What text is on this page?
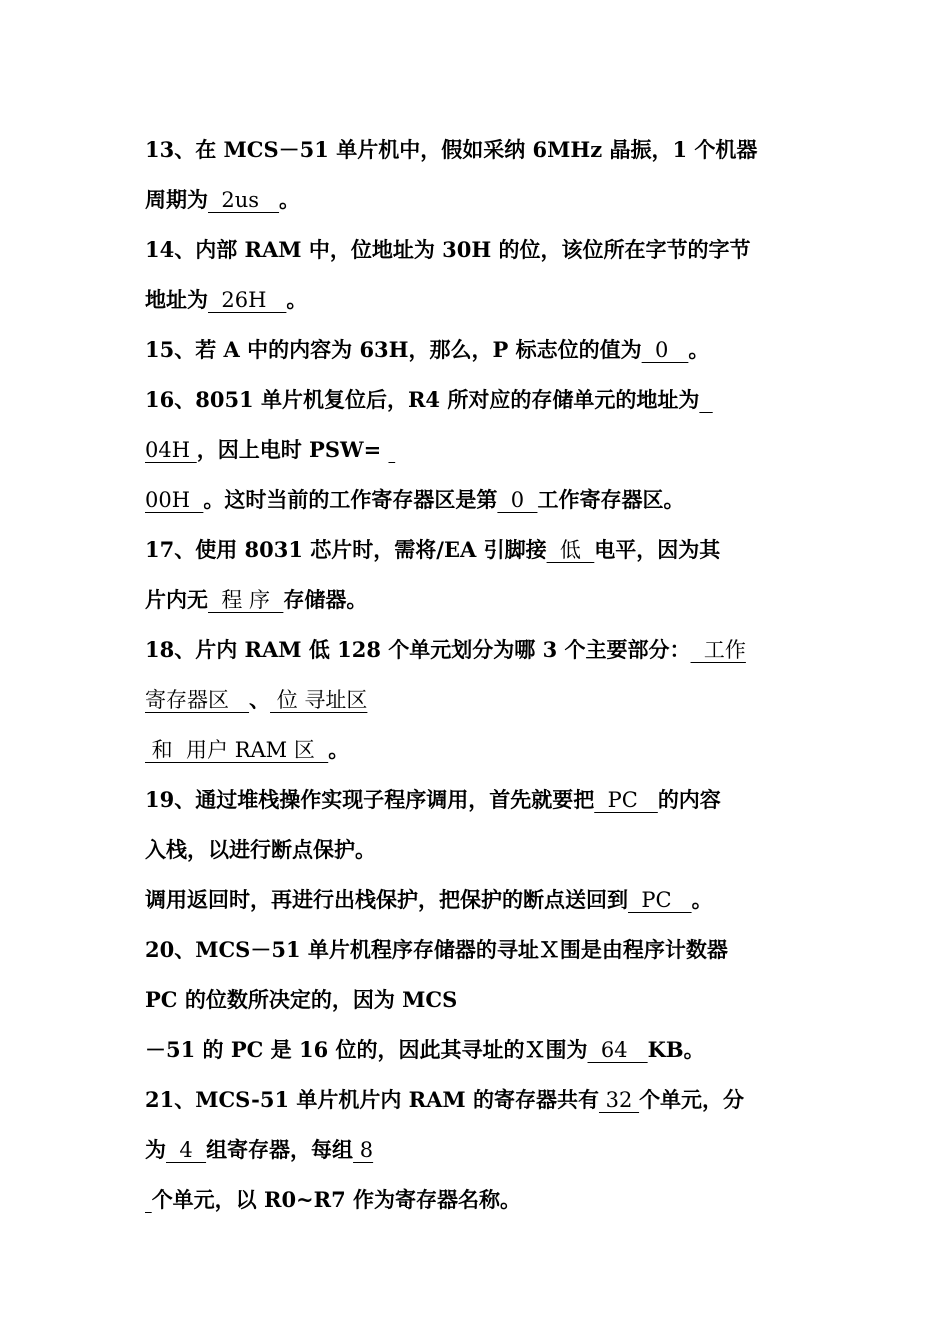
13、在 MCS－51 单片机中，假如采纳 6MHz 晶振，1 个机器
周期为  2us   。
14、内部 RAM 中，位地址为 30H 的位，该位所在字节的字节
地址为  26H   。
15、若 A 中的内容为 63H，那么，P 标志位的值为  0   。
16、8051 单片机复位后，R4 所对应的存储单元的地址为
04H ，因上电时 PSW=
00H  。这时当前的工作寄存器区是第  0  工作寄存器区。
17、使用 8031 芯片时，需将/EA 引脚接  低  电平，因为其
片内无  程 序  存储器。
18、片内 RAM 低 128 个单元划分为哪 3 个主要部分：  工作
寄存器区   、 位 寻址区
和  用户 RAM 区  。
19、通过堆栈操作实现子程序调用，首先就要把  PC   的内容
入栈，以进行断点保护。
调用返回时，再进行出栈保护，把保护的断点送回到  PC   。
20、MCS－51 单片机程序存储器的寻址Ｘ围是由程序计数器
PC 的位数所决定的，因为 MCS
－51 的 PC 是 16 位的，因此其寻址的Ｘ围为  64   KB。
21、MCS-51 单片机片内 RAM 的寄存器共有 32 个单元，分
为  4  组寄存器，每组 8
个单元，以 R0~R7 作为寄存器名称。
